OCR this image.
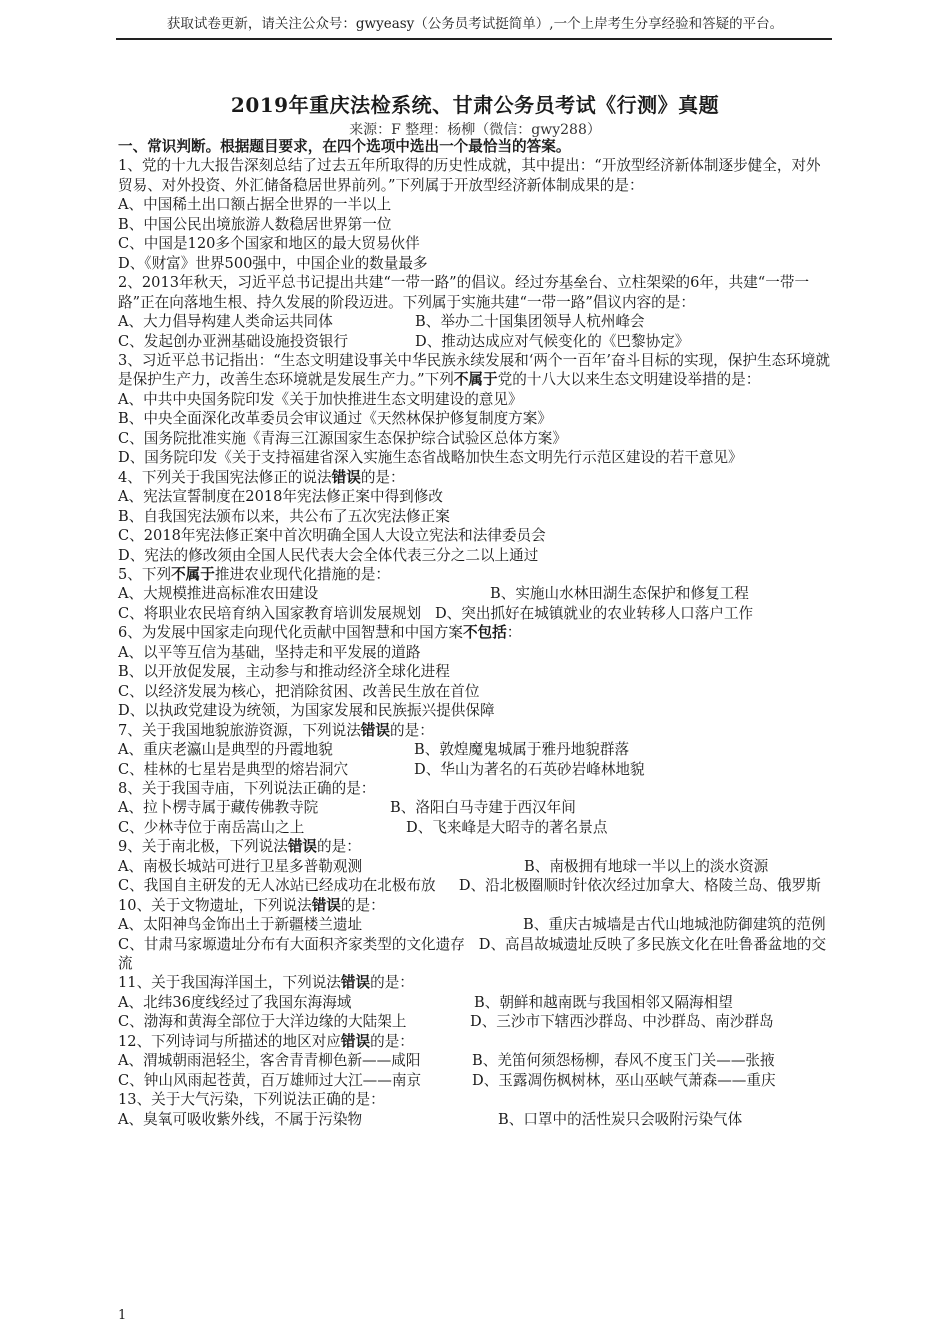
获取试卷更新，请关注公众号：gwyeasy（公务员考试挺简单）,一个上岸考生分享经验和答疑的平台。
2019年重庆法检系统、甘肃公务员考试《行测》真题
来源：F 整理：杨柳（微信：gwy288）

一、常识判断。根据题目要求，在四个选项中选出一个最恰当的答案。

1、党的十九大报告深刻总结了过去五年所取得的历史性成就，其中提出：“开放型经济新体制逐步健全，对外贸易、对外投资、外汇储备稳居世界前列。”下列属于开放型经济新体制成果的是：

A、中国稀土出口额占据全世界的一半以上

B、中国公民出境旅游人数稳居世界第一位

C、中国是120多个国家和地区的最大贸易伙伴

D、《财富》世界500强中，中国企业的数量最多

2、2013年秋天，习近平总书记提出共建“一带一路”的倡议。经过夯基垒台、立柱架梁的6年，共建“一带一路”正在向落地生根、持久发展的阶段迈进。下列属于实施共建“一带一路”倡议内容的是：

A、大力倡导构建人类命运共同体	B、举办二十国集团领导人杭州峰会
C、发起创办亚洲基础设施投资银行	D、推动达成应对气候变化的《巴黎协定》

3、习近平总书记指出：“生态文明建设事关中华民族永续发展和‘两个一百年’奋斗目标的实现，保护生态环境就是保护生产力，改善生态环境就是发展生产力。”下列不属于党的十八大以来生态文明建设举措的是：

A、中共中央国务院印发《关于加快推进生态文明建设的意见》

B、中央全面深化改革委员会审议通过《天然林保护修复制度方案》

C、国务院批准实施《青海三江源国家生态保护综合试验区总体方案》

D、国务院印发《关于支持福建省深入实施生态省战略加快生态文明先行示范区建设的若干意见》

4、下列关于我国宪法修正的说法错误的是：

A、宪法宣誓制度在2018年宪法修正案中得到修改

B、自我国宪法颁布以来，共公布了五次宪法修正案

C、2018年宪法修正案中首次明确全国人大设立宪法和法律委员会

D、宪法的修改须由全国人民代表大会全体代表三分之二以上通过

5、下列不属于推进农业现代化措施的是：

A、大规模推进高标准农田建设	B、实施山水林田湖生态保护和修复工程

C、将职业农民培育纳入国家教育培训发展规划 D、突出抓好在城镇就业的农业转移人口落户工作

6、为发展中国家走向现代化贡献中国智慧和中国方案不包括：

A、以平等互信为基础，坚持走和平发展的道路

B、以开放促发展，主动参与和推动经济全球化进程

C、以经济发展为核心，把消除贫困、改善民生放在首位

D、以执政党建设为统领，为国家发展和民族振兴提供保障

7、关于我国地貌旅游资源，下列说法错误的是：

A、重庆老瀛山是典型的丹霞地貌	B、敦煌魔鬼城属于雅丹地貌群落
C、桂林的七星岩是典型的熔岩洞穴	D、华山为著名的石英砂岩峰林地貌

8、关于我国寺庙，下列说法正确的是：

A、拉卜楞寺属于藏传佛教寺院	B、洛阳白马寺建于西汉年间
C、少林寺位于南岳嵩山之上	D、飞来峰是大昭寺的著名景点

9、关于南北极，下列说法错误的是：

A、南极长城站可进行卫星多普勒观测	B、南极拥有地球一半以上的淡水资源

C、我国自主研发的无人冰站已经成功在北极布放 D、沿北极圈顺时针依次经过加拿大、格陵兰岛、俄罗斯

10、关于文物遗址，下列说法错误的是：

A、太阳神鸟金饰出土于新疆楼兰遗址	B、重庆古城墙是古代山地城池防御建筑的范例

C、甘肃马家塬遗址分布有大面积齐家类型的文化遗存 D、高昌故城遗址反映了多民族文化在吐鲁番盆地的交流

11、关于我国海洋国土，下列说法错误的是：

A、北纬36度线经过了我国东海海域	B、朝鲜和越南既与我国相邻又隔海相望
C、渤海和黄海全部位于大洋边缘的大陆架上	D、三沙市下辖西沙群岛、中沙群岛、南沙群岛

12、下列诗词与所描述的地区对应错误的是：

A、渭城朝雨浥轻尘，客舍青青柳色新——咸阳	B、羌笛何须怨杨柳，春风不度玉门关——张掖
C、钟山风雨起苍黄，百万雄师过大江——南京	D、玉露凋伤枫树林，巫山巫峡气萧森——重庆

13、关于大气污染，下列说法正确的是：

A、臭氧可吸收紫外线，不属于污染物	B、口罩中的活性炭只会吸附污染气体
1
